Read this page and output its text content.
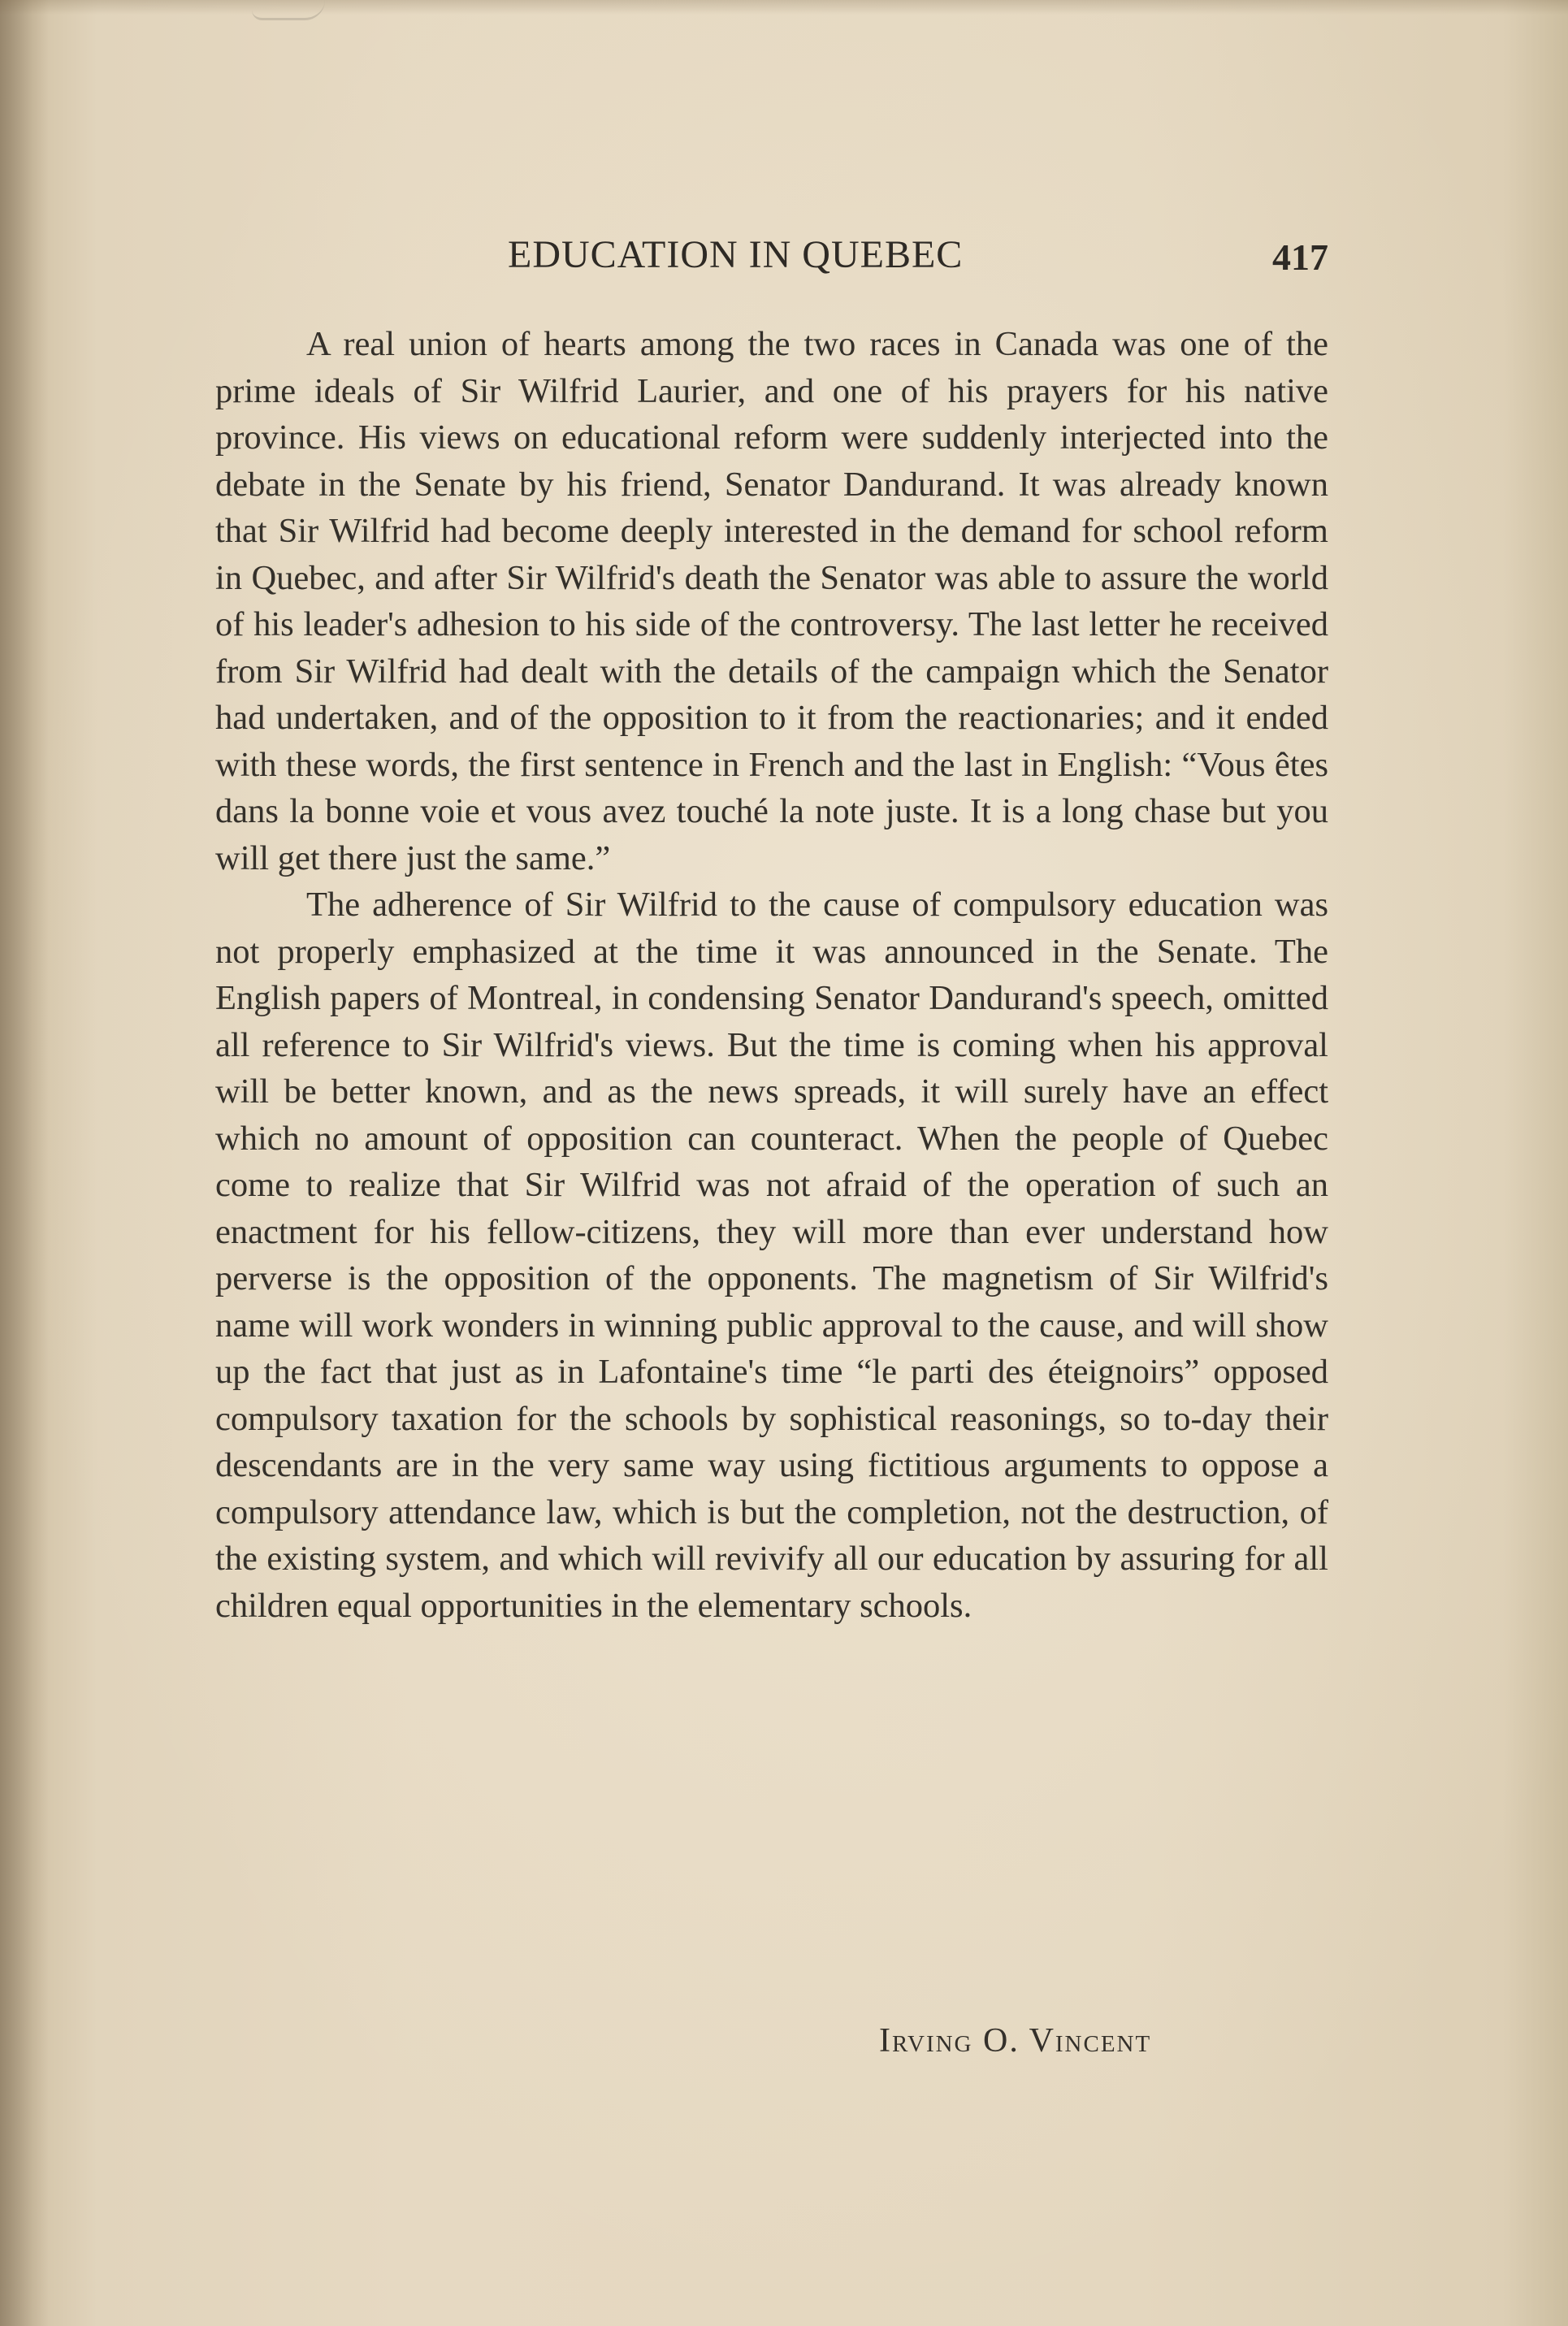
EDUCATION IN QUEBEC	417

A real union of hearts among the two races in Canada was one of the prime ideals of Sir Wilfrid Laurier, and one of his prayers for his native province. His views on educational reform were suddenly interjected into the debate in the Senate by his friend, Senator Dandurand. It was already known that Sir Wilfrid had become deeply interested in the demand for school reform in Quebec, and after Sir Wilfrid's death the Senator was able to assure the world of his leader's adhesion to his side of the controversy. The last letter he received from Sir Wilfrid had dealt with the details of the campaign which the Senator had undertaken, and of the opposition to it from the reactionaries; and it ended with these words, the first sentence in French and the last in English: “Vous êtes dans la bonne voie et vous avez touché la note juste. It is a long chase but you will get there just the same.”

The adherence of Sir Wilfrid to the cause of compulsory education was not properly emphasized at the time it was announced in the Senate. The English papers of Montreal, in condensing Senator Dandurand's speech, omitted all reference to Sir Wilfrid's views. But the time is coming when his approval will be better known, and as the news spreads, it will surely have an effect which no amount of opposition can counteract. When the people of Quebec come to realize that Sir Wilfrid was not afraid of the operation of such an enactment for his fellow-citizens, they will more than ever understand how perverse is the opposition of the opponents. The magnetism of Sir Wilfrid's name will work wonders in winning public approval to the cause, and will show up the fact that just as in Lafontaine's time “le parti des éteignoirs” opposed compulsory taxation for the schools by sophistical reasonings, so to-day their descendants are in the very same way using fictitious arguments to oppose a compulsory attendance law, which is but the completion, not the destruction, of the existing system, and which will revivify all our education by assuring for all children equal opportunities in the elementary schools.

Irving O. Vincent
